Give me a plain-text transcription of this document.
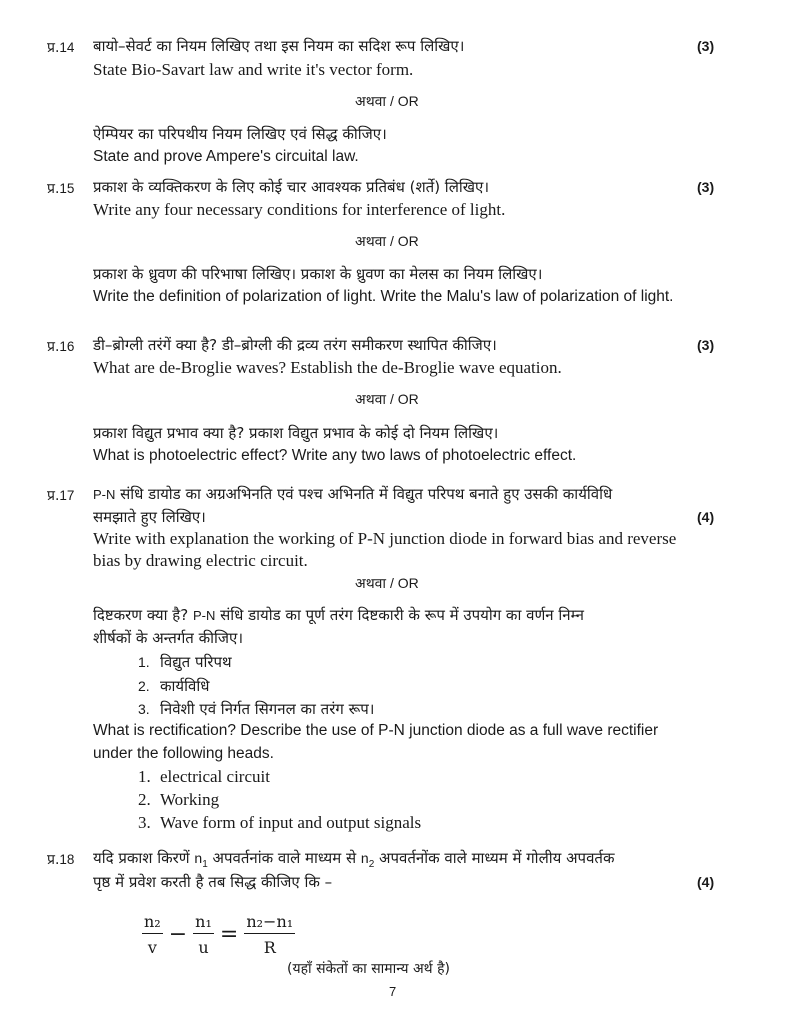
प्र.14 बायो–सेवर्ट का नियम लिखिए तथा इस नियम का सदिश रूप लिखिए।	(3)
State Bio-Savart law and write it's vector form.
अथवा / OR
ऐम्पियर का परिपथीय नियम लिखिए एवं सिद्ध कीजिए।
State and prove Ampere's circuital law.
प्र.15 प्रकाश के व्यक्तिकरण के लिए कोई चार आवश्यक प्रतिबंध (शर्ते) लिखिए।	(3)
Write any four necessary conditions for interference of light.
अथवा / OR
प्रकाश के ध्रुवण की परिभाषा लिखिए। प्रकाश के ध्रुवण का मेलस का नियम लिखिए।
Write the definition of polarization of light. Write the Malu's law of polarization of light.
प्र.16 डी–ब्रोग्ली तरंगें क्या है? डी–ब्रोग्ली की द्रव्य तरंग समीकरण स्थापित कीजिए।	(3)
What are de-Broglie waves? Establish the de-Broglie wave equation.
अथवा / OR
प्रकाश विद्युत प्रभाव क्या है? प्रकाश विद्युत प्रभाव के कोई दो नियम लिखिए।
What is photoelectric effect? Write any two laws of photoelectric effect.
प्र.17 P-N संधि डायोड का अग्रअभिनति एवं पश्च अभिनति में विद्युत परिपथ बनाते हुए उसकी कार्यविधि
समझाते हुए लिखिए।	(4)
Write with explanation the working of P-N junction diode in forward bias and reverse
bias by drawing electric circuit.
अथवा / OR
दिष्टकरण क्या है? P-N संधि डायोड का पूर्ण तरंग दिष्टकारी के रूप में उपयोग का वर्णन निम्न
शीर्षकों के अन्तर्गत कीजिए।
1. विद्युत परिपथ
2. कार्यविधि
3. निवेशी एवं निर्गत सिगनल का तरंग रूप।
What is rectification? Describe the use of P-N junction diode as a full wave rectifier
under the following heads.
1. electrical circuit
2. Working
3. Wave form of input and output signals
प्र.18 यदि प्रकाश किरणें $n_1$ अपवर्तनांक वाले माध्यम से $n_2$ अपवर्तनोंक वाले माध्यम में गोलीय अपवर्तक
पृष्ठ में प्रवेश करती है तब सिद्ध कीजिए कि –	(4)
$\frac{\text{n₂}}{v} - \frac{\text{n₁}}{u} = \frac{\text{n₂−n₁}}{R}$
(यहाँ संकेतों का सामान्य अर्थ है)
7
